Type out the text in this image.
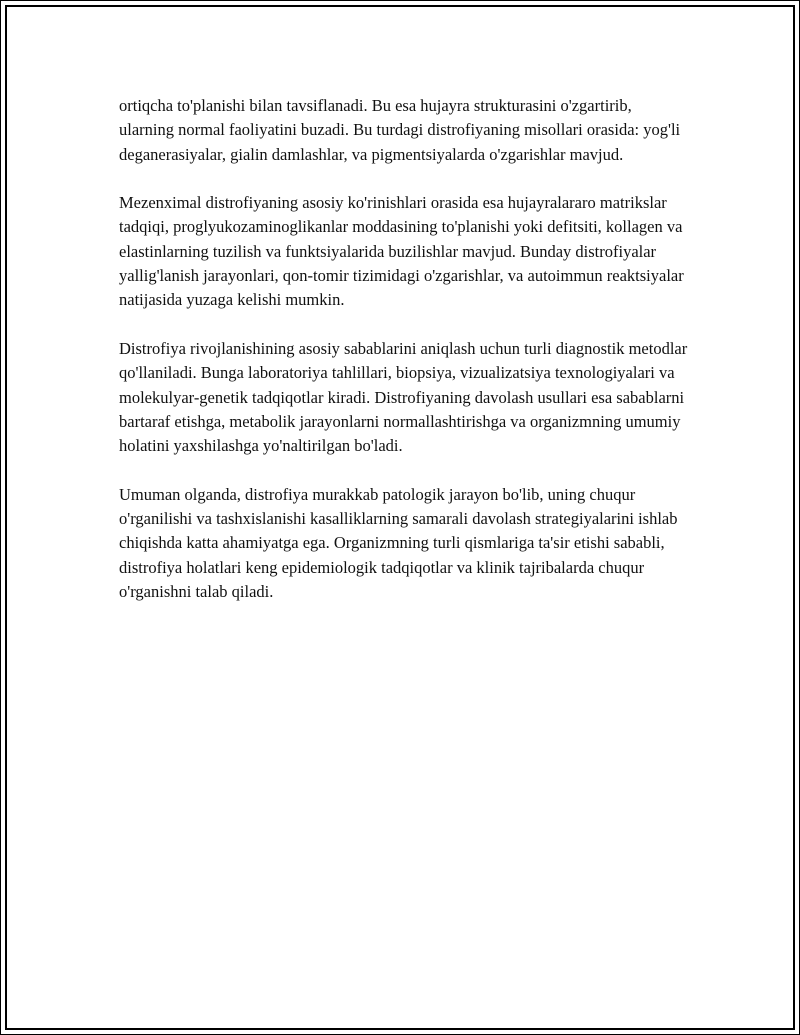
ortiqcha to'planishi bilan tavsiflanadi. Bu esa hujayra strukturasini o'zgartirib, ularning normal faoliyatini buzadi. Bu turdagi distrofiyaning misollari orasida: yog'li deganerasiyalar, gialin damlashlar, va pigmentsiyalarda o'zgarishlar mavjud.

Mezenximal distrofiyaning asosiy ko'rinishlari orasida esa hujayralararo matrikslar tadqiqi, proglyukozaminoglikanlar moddasining to'planishi yoki defitsiti, kollagen va elastinlarning tuzilish va funktsiyalarida buzilishlar mavjud. Bunday distrofiyalar yallig'lanish jarayonlari, qon-tomir tizimidagi o'zgarishlar, va autoimmun reaktsiyalar natijasida yuzaga kelishi mumkin.

Distrofiya rivojlanishining asosiy sabablarini aniqlash uchun turli diagnostik metodlar qo'llaniladi. Bunga laboratoriya tahlillari, biopsiya, vizualizatsiya texnologiyalari va molekulyar-genetik tadqiqotlar kiradi. Distrofiyaning davolash usullari esa sabablarni bartaraf etishga, metabolik jarayonlarni normallashtirishga va organizmning umumiy holatini yaxshilashga yo'naltirilgan bo'ladi.

Umuman olganda, distrofiya murakkab patologik jarayon bo'lib, uning chuqur o'rganilishi va tashxislanishi kasalliklarning samarali davolash strategiyalarini ishlab chiqishda katta ahamiyatga ega. Organizmning turli qismlariga ta'sir etishi sababli, distrofiya holatlari keng epidemiologik tadqiqotlar va klinik tajribalarda chuqur o'rganishni talab qiladi.
